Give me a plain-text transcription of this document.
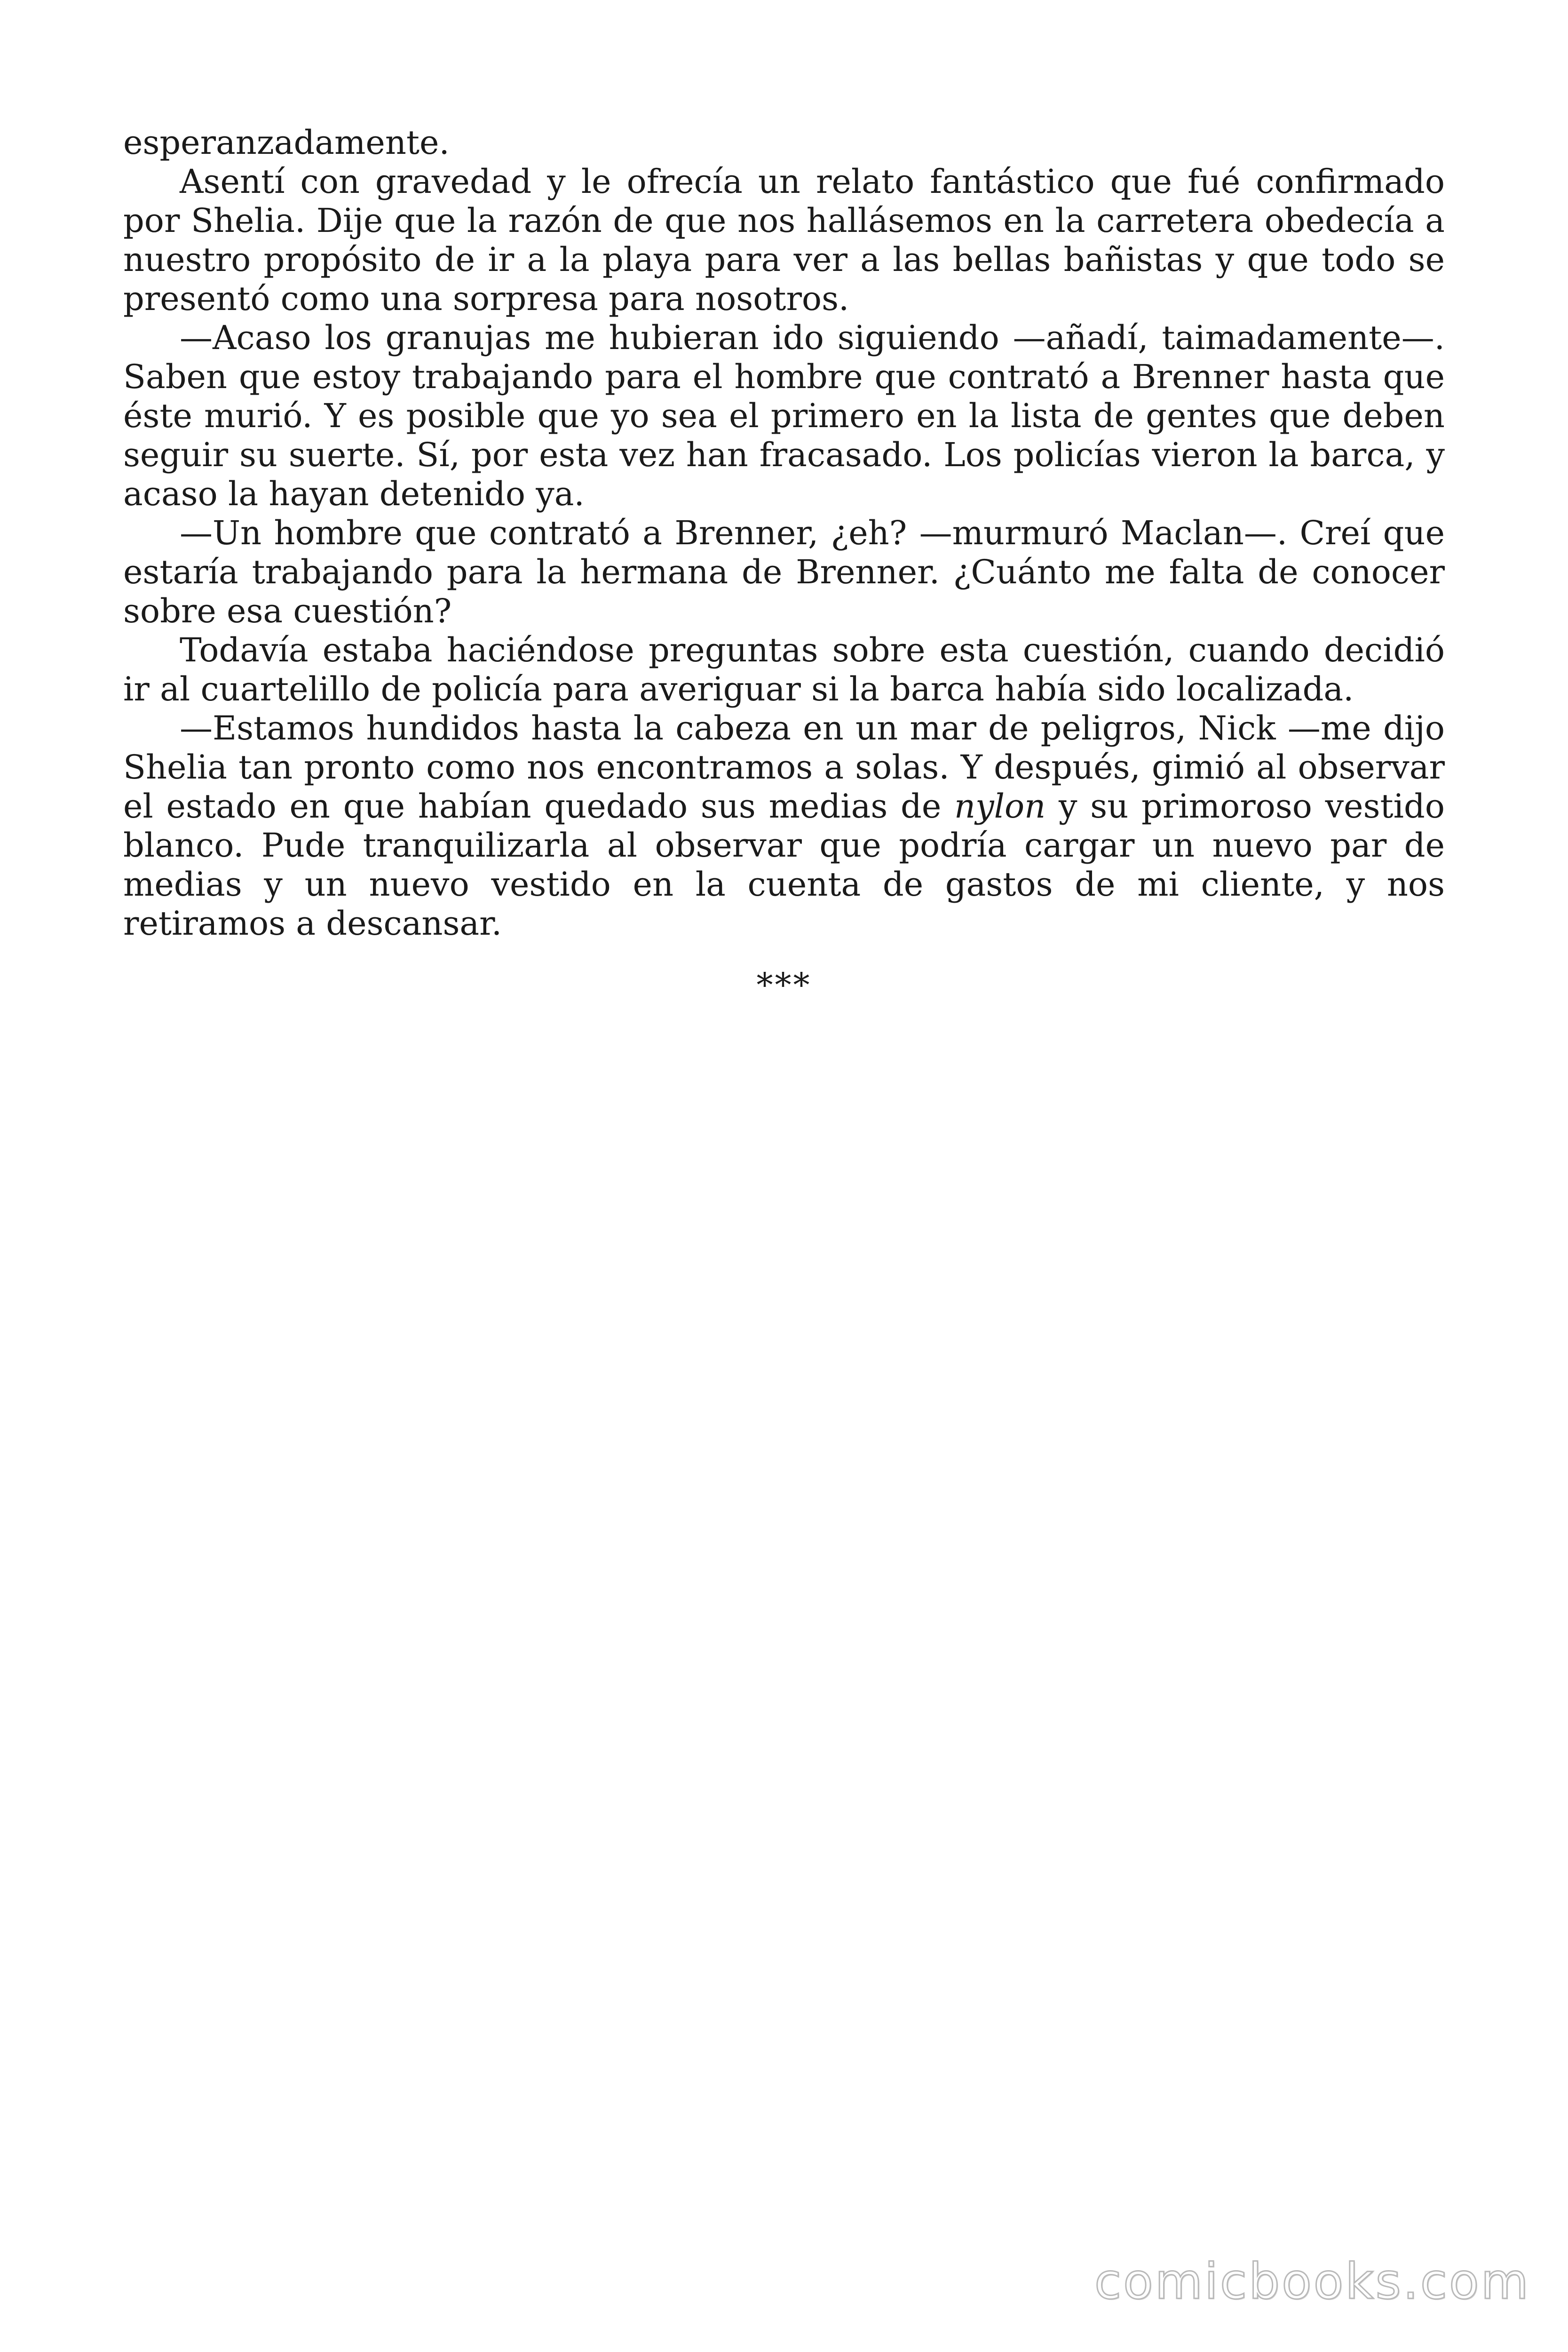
esperanzadamente.

Asentí con gravedad y le ofrecía un relato fantástico que fué confirmado por Shelia. Dije que la razón de que nos hallásemos en la carretera obedecía a nuestro propósito de ir a la playa para ver a las bellas bañistas y que todo se presentó como una sorpresa para nosotros.

—Acaso los granujas me hubieran ido siguiendo —añadí, taimadamente—. Saben que estoy trabajando para el hombre que contrató a Brenner hasta que éste murió. Y es posible que yo sea el primero en la lista de gentes que deben seguir su suerte. Sí, por esta vez han fracasado. Los policías vieron la barca, y acaso la hayan detenido ya.

—Un hombre que contrató a Brenner, ¿eh? —murmuró Maclan—. Creí que estaría trabajando para la hermana de Brenner. ¿Cuánto me falta de conocer sobre esa cuestión?

Todavía estaba haciéndose preguntas sobre esta cuestión, cuando decidió ir al cuartelillo de policía para averiguar si la barca había sido localizada.

—Estamos hundidos hasta la cabeza en un mar de peligros, Nick —me dijo Shelia tan pronto como nos encontramos a solas. Y después, gimió al observar el estado en que habían quedado sus medias de nylon y su primoroso vestido blanco. Pude tranquilizarla al observar que podría cargar un nuevo par de medias y un nuevo vestido en la cuenta de gastos de mi cliente, y nos retiramos a descansar.

***

comicbooks.com
